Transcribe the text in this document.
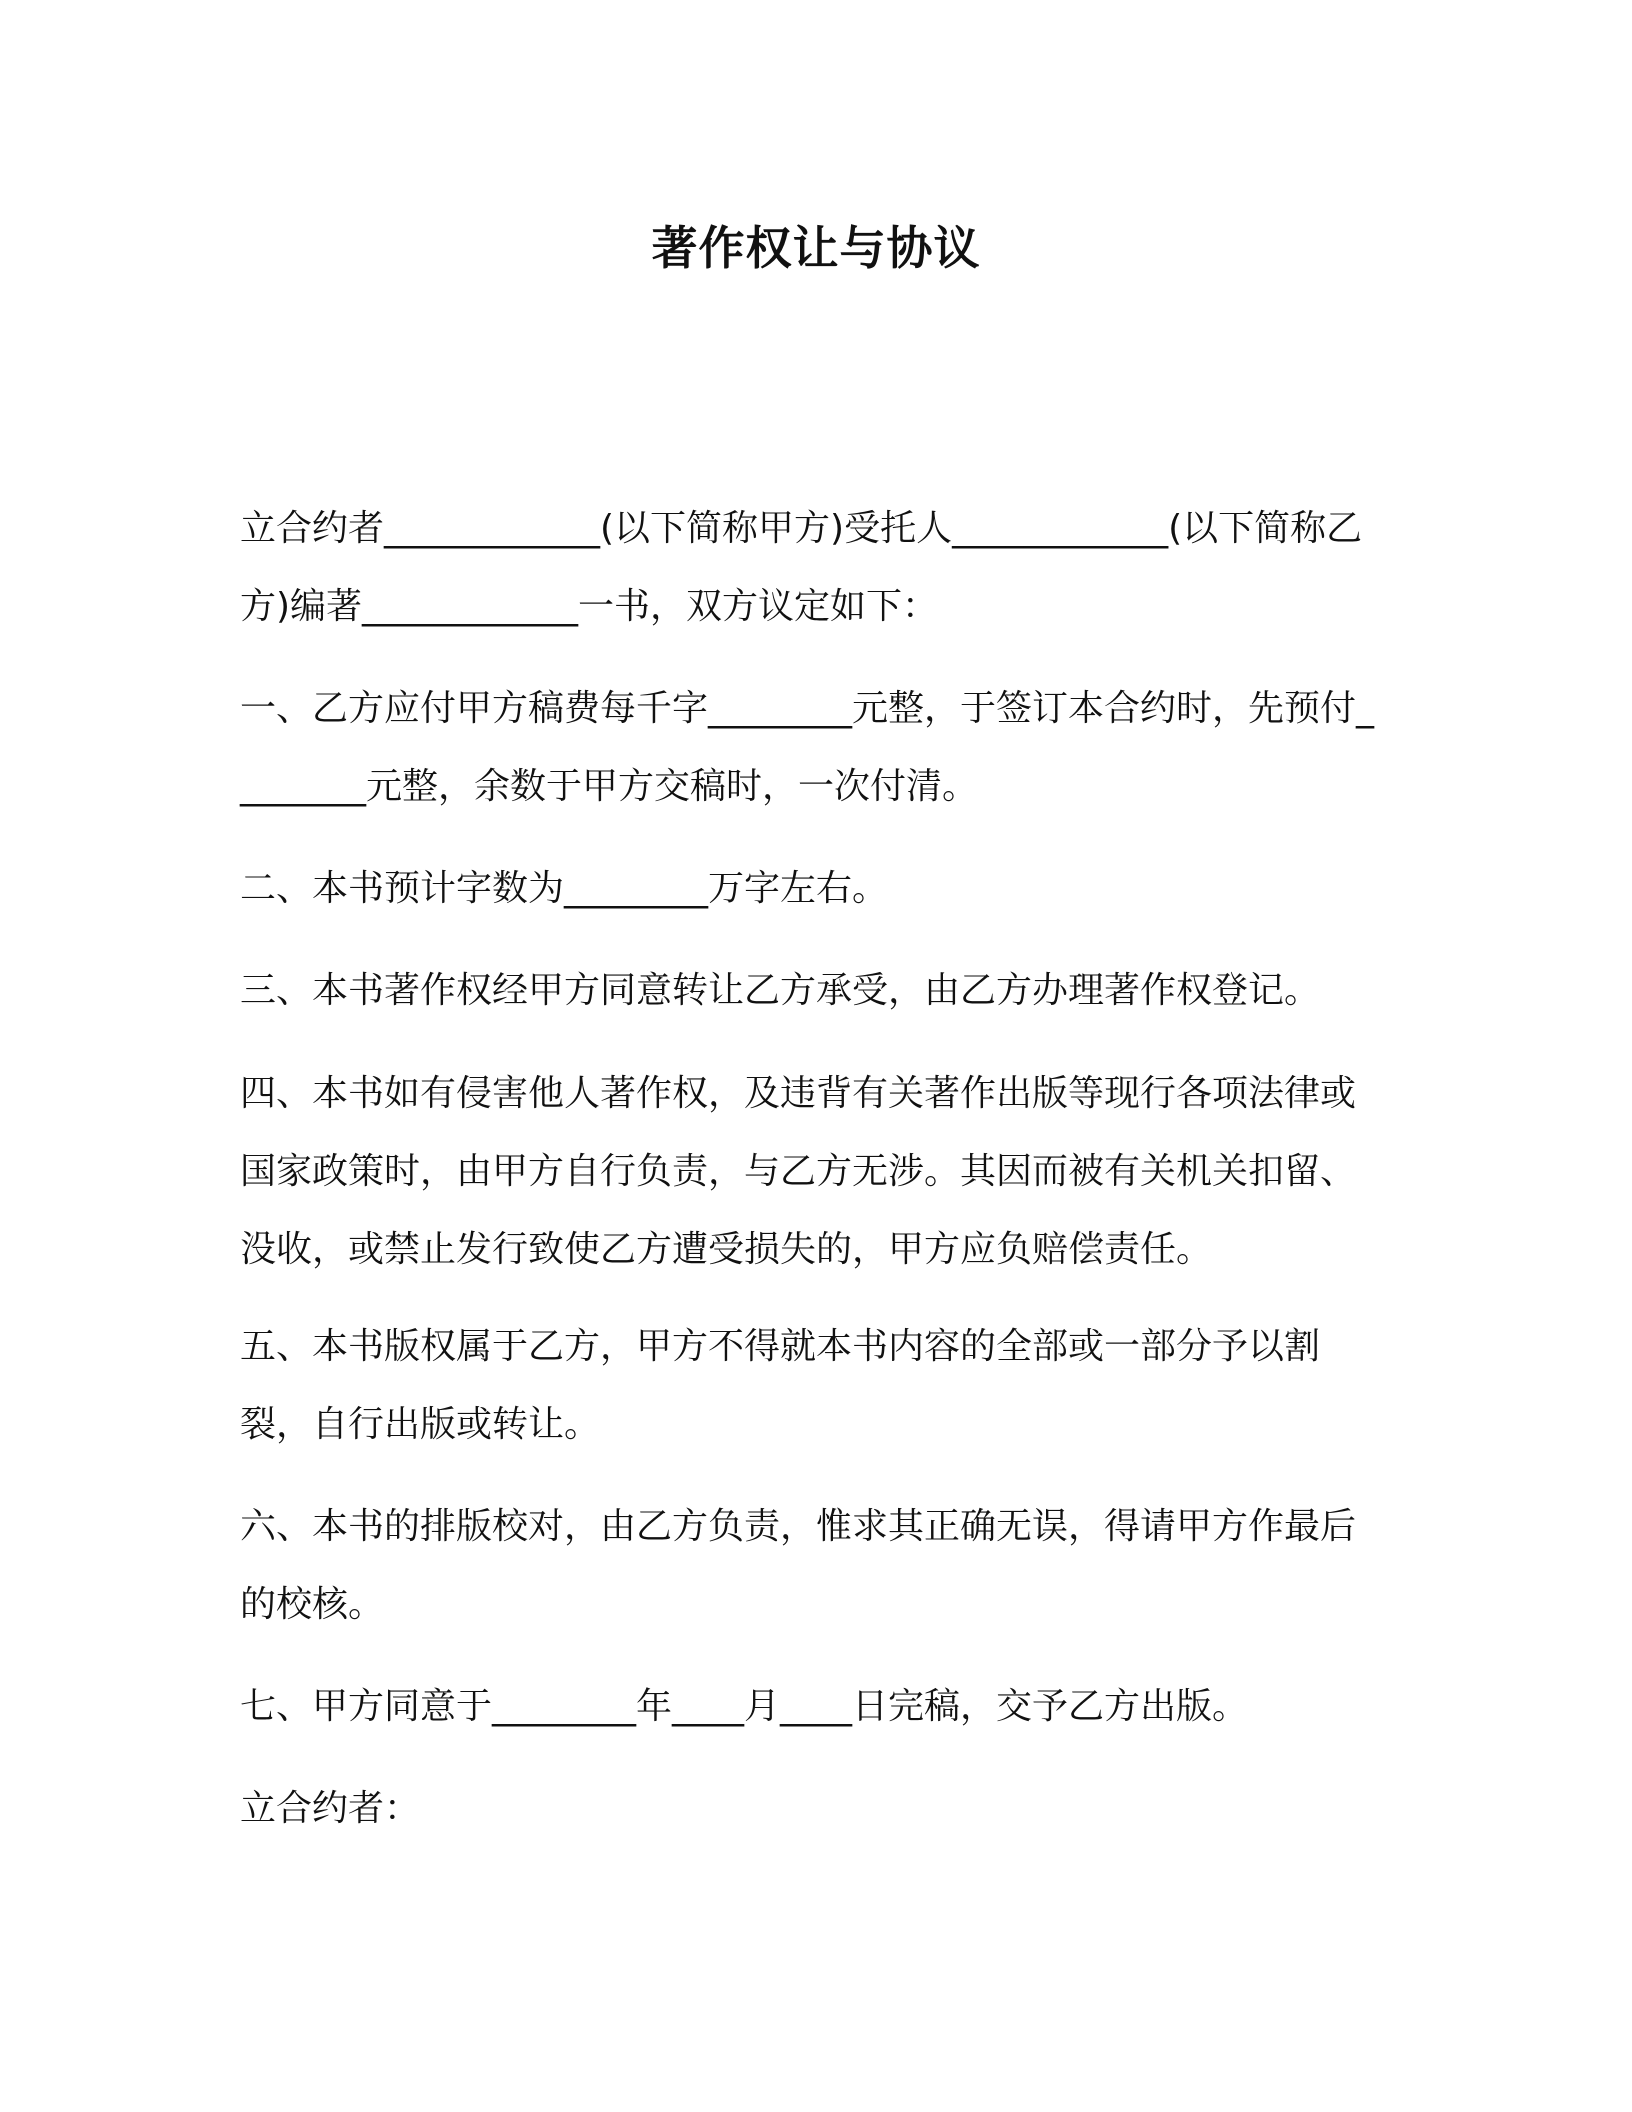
著作权让与协议
立合约者____________(以下简称甲方)受托人____________(以下简称乙方)编著____________一书，双方议定如下：
一、乙方应付甲方稿费每千字________元整，于签订本合约时，先预付________元整，余数于甲方交稿时，一次付清。
二、本书预计字数为________万字左右。
三、本书著作权经甲方同意转让乙方承受，由乙方办理著作权登记。
四、本书如有侵害他人著作权，及违背有关著作出版等现行各项法律或国家政策时，由甲方自行负责，与乙方无涉。其因而被有关机关扣留、没收，或禁止发行致使乙方遭受损失的，甲方应负赔偿责任。
五、本书版权属于乙方，甲方不得就本书内容的全部或一部分予以割裂，自行出版或转让。
六、本书的排版校对，由乙方负责，惟求其正确无误，得请甲方作最后的校核。
七、甲方同意于________年____月____日完稿，交予乙方出版。
立合约者：
